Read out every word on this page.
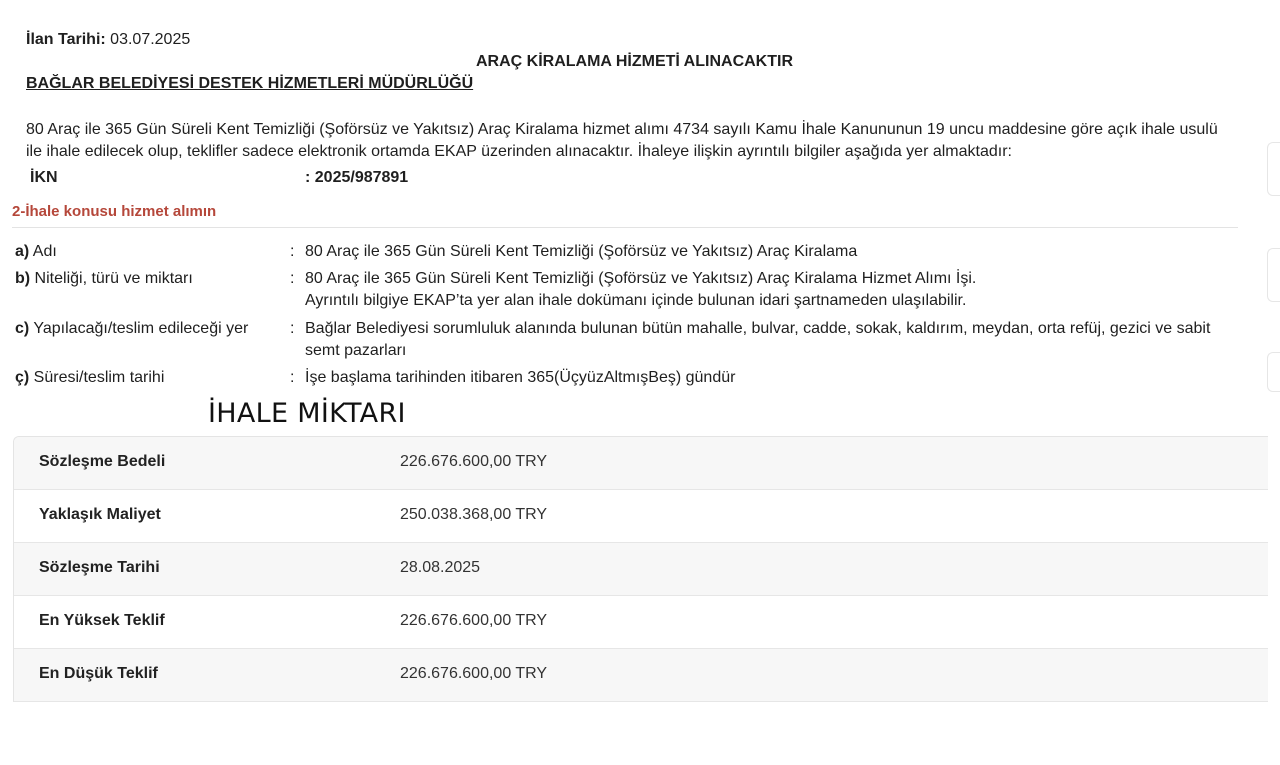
İlan Tarihi: 03.07.2025
ARAÇ KİRALAMA HİZMETİ ALINACAKTIR
BAĞLAR BELEDİYESİ DESTEK HİZMETLERİ MÜDÜRLÜĞÜ
80 Araç ile 365 Gün Süreli Kent Temizliği (Şoförsüz ve Yakıtsız) Araç Kiralama hizmet alımı 4734 sayılı Kamu İhale Kanununun 19 uncu maddesine göre açık ihale usulü ile ihale edilecek olup, teklifler sadece elektronik ortamda EKAP üzerinden alınacaktır. İhaleye ilişkin ayrıntılı bilgiler aşağıda yer almaktadır:
İKN	: 2025/987891
2-İhale konusu hizmet alımın
a) Adı	: 80 Araç ile 365 Gün Süreli Kent Temizliği (Şoförsüz ve Yakıtsız) Araç Kiralama
b) Niteliği, türü ve miktarı	: 80 Araç ile 365 Gün Süreli Kent Temizliği (Şoförsüz ve Yakıtsız) Araç Kiralama Hizmet Alımı İşi.
Ayrıntılı bilgiye EKAP’ta yer alan ihale dokümanı içinde bulunan idari şartnameden ulaşılabilir.
c) Yapılacağı/teslim edileceği yer	: Bağlar Belediyesi sorumluluk alanında bulunan bütün mahalle, bulvar, cadde, sokak, kaldırım, meydan, orta refüj, gezici ve sabit semt pazarları
ç) Süresi/teslim tarihi	: İşe başlama tarihinden itibaren 365(ÜçyüzAltmışBeş) gündür
İHALE MİKTARI
Sözleşme Bedeli	226.676.600,00 TRY
Yaklaşık Maliyet	250.038.368,00 TRY
Sözleşme Tarihi	28.08.2025
En Yüksek Teklif	226.676.600,00 TRY
En Düşük Teklif	226.676.600,00 TRY
